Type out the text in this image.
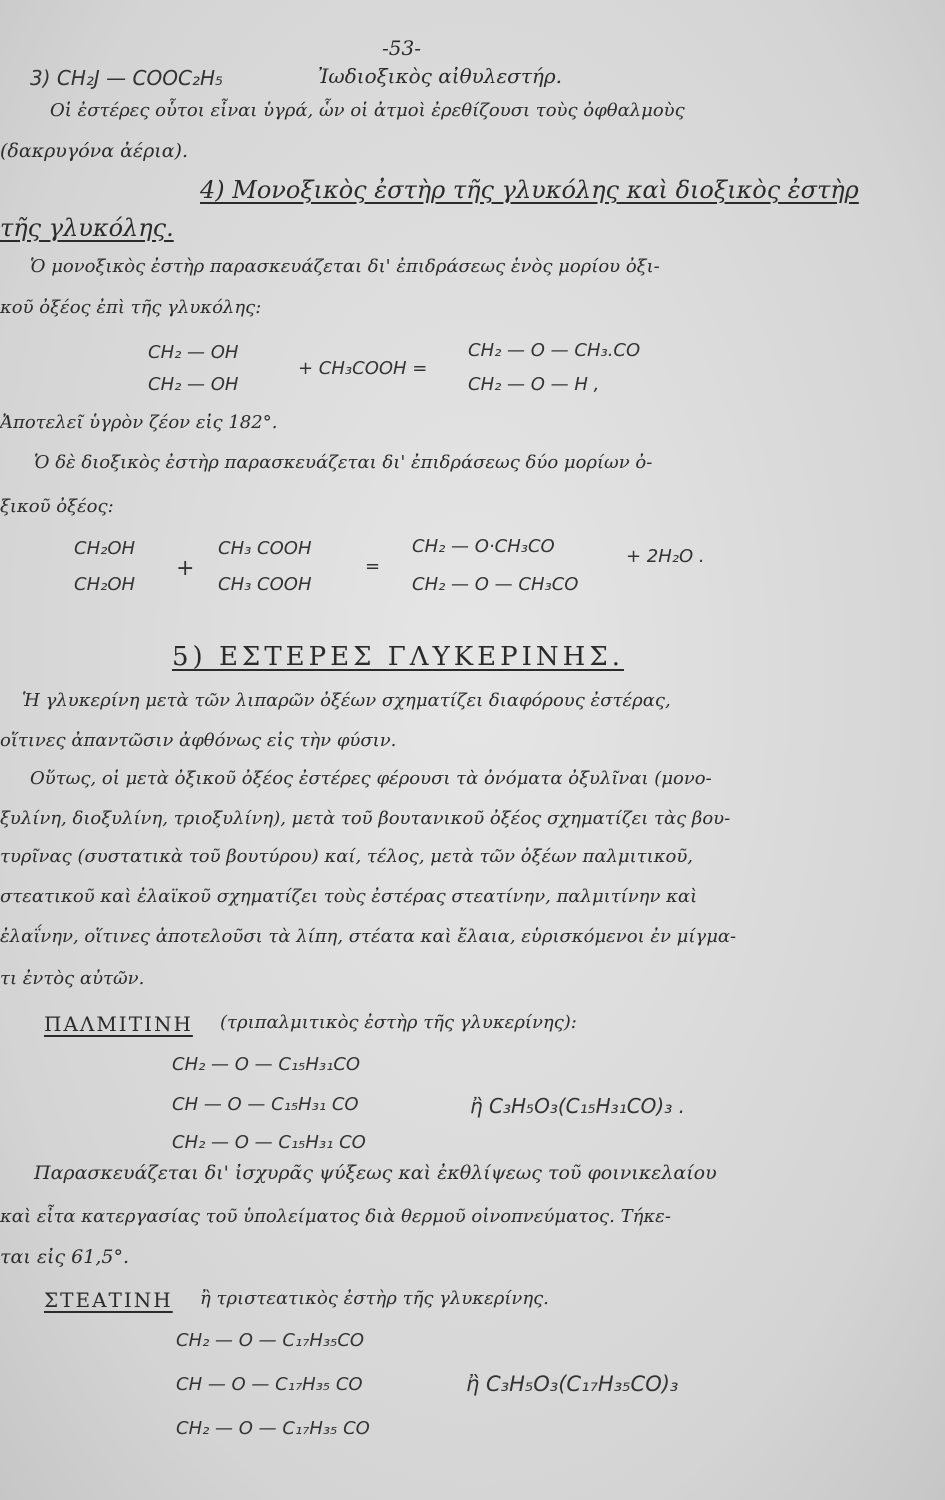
-53-
3) CH₂J — COOC₂H₅	Ἰωδιοξικὸς αἰθυλεστήρ.
Οἱ ἐστέρες οὗτοι εἶναι ὑγρά, ὧν οἱ ἀτμοὶ ἐρεθίζουσι τοὺς ὀφθαλμοὺς
(δακρυγόνα ἀέρια).
4) Μονοξικὸς ἐστὴρ τῆς γλυκόλης καὶ διοξικὸς ἐστὴρ
τῆς γλυκόλης.
Ὁ μονοξικὸς ἐστὴρ παρασκευάζεται δι' ἐπιδράσεως ἑνὸς μορίου ὀξι-
κοῦ ὀξέος ἐπὶ τῆς γλυκόλης:
CH₂ — OH
CH₂ — OH
+ CH₃COOH =
CH₂ — O — CH₃.CO
CH₂ — O — H ,
Ἀποτελεῖ ὑγρὸν ζέον εἰς 182°.
Ὁ δὲ διοξικὸς ἐστὴρ παρασκευάζεται δι' ἐπιδράσεως δύο μορίων ὀ-
ξικοῦ ὀξέος:
CH₂OH
CH₂OH
+
CH₃ COOH
CH₃ COOH
=
CH₂ — O·CH₃CO
CH₂ — O — CH₃CO
+ 2H₂O .
5) ΕΣΤΕΡΕΣ ΓΛΥΚΕΡΙΝΗΣ.
Ἡ γλυκερίνη μετὰ τῶν λιπαρῶν ὀξέων σχηματίζει διαφόρους ἐστέρας,
οἵτινες ἀπαντῶσιν ἀφθόνως εἰς τὴν φύσιν.
Οὕτως, οἱ μετὰ ὀξικοῦ ὀξέος ἐστέρες φέρουσι τὰ ὀνόματα ὀξυλῖναι (μονο-
ξυλίνη, διοξυλίνη, τριοξυλίνη), μετὰ τοῦ βουτανικοῦ ὀξέος σχηματίζει τὰς βου-
τυρῖνας (συστατικὰ τοῦ βουτύρου) καί, τέλος, μετὰ τῶν ὀξέων παλμιτικοῦ,
στεατικοῦ καὶ ἐλαϊκοῦ σχηματίζει τοὺς ἐστέρας στεατίνην, παλμιτίνην καὶ
ἐλαΐνην, οἵτινες ἀποτελοῦσι τὰ λίπη, στέατα καὶ ἔλαια, εὑρισκόμενοι ἐν μίγμα-
τι ἐντὸς αὐτῶν.
ΠΑΛΜΙΤΙΝΗ (τριπαλμιτικὸς ἐστὴρ τῆς γλυκερίνης):
CH₂ — O — C₁₅H₃₁CO
CH — O — C₁₅H₃₁ CO
CH₂ — O — C₁₅H₃₁ CO
ἢ C₃H₅O₃(C₁₅H₃₁CO)₃ .
Παρασκευάζεται δι' ἰσχυρᾶς ψύξεως καὶ ἐκθλίψεως τοῦ φοινικελαίου
καὶ εἶτα κατεργασίας τοῦ ὑπολείματος διὰ θερμοῦ οἰνοπνεύματος. Τήκε-
ται εἰς 61,5°.
ΣΤΕΑΤΙΝΗ ἢ τριστεατικὸς ἐστὴρ τῆς γλυκερίνης.
CH₂ — O — C₁₇H₃₅CO
CH — O — C₁₇H₃₅ CO
CH₂ — O — C₁₇H₃₅ CO
ἢ C₃H₅O₃(C₁₇H₃₅CO)₃
